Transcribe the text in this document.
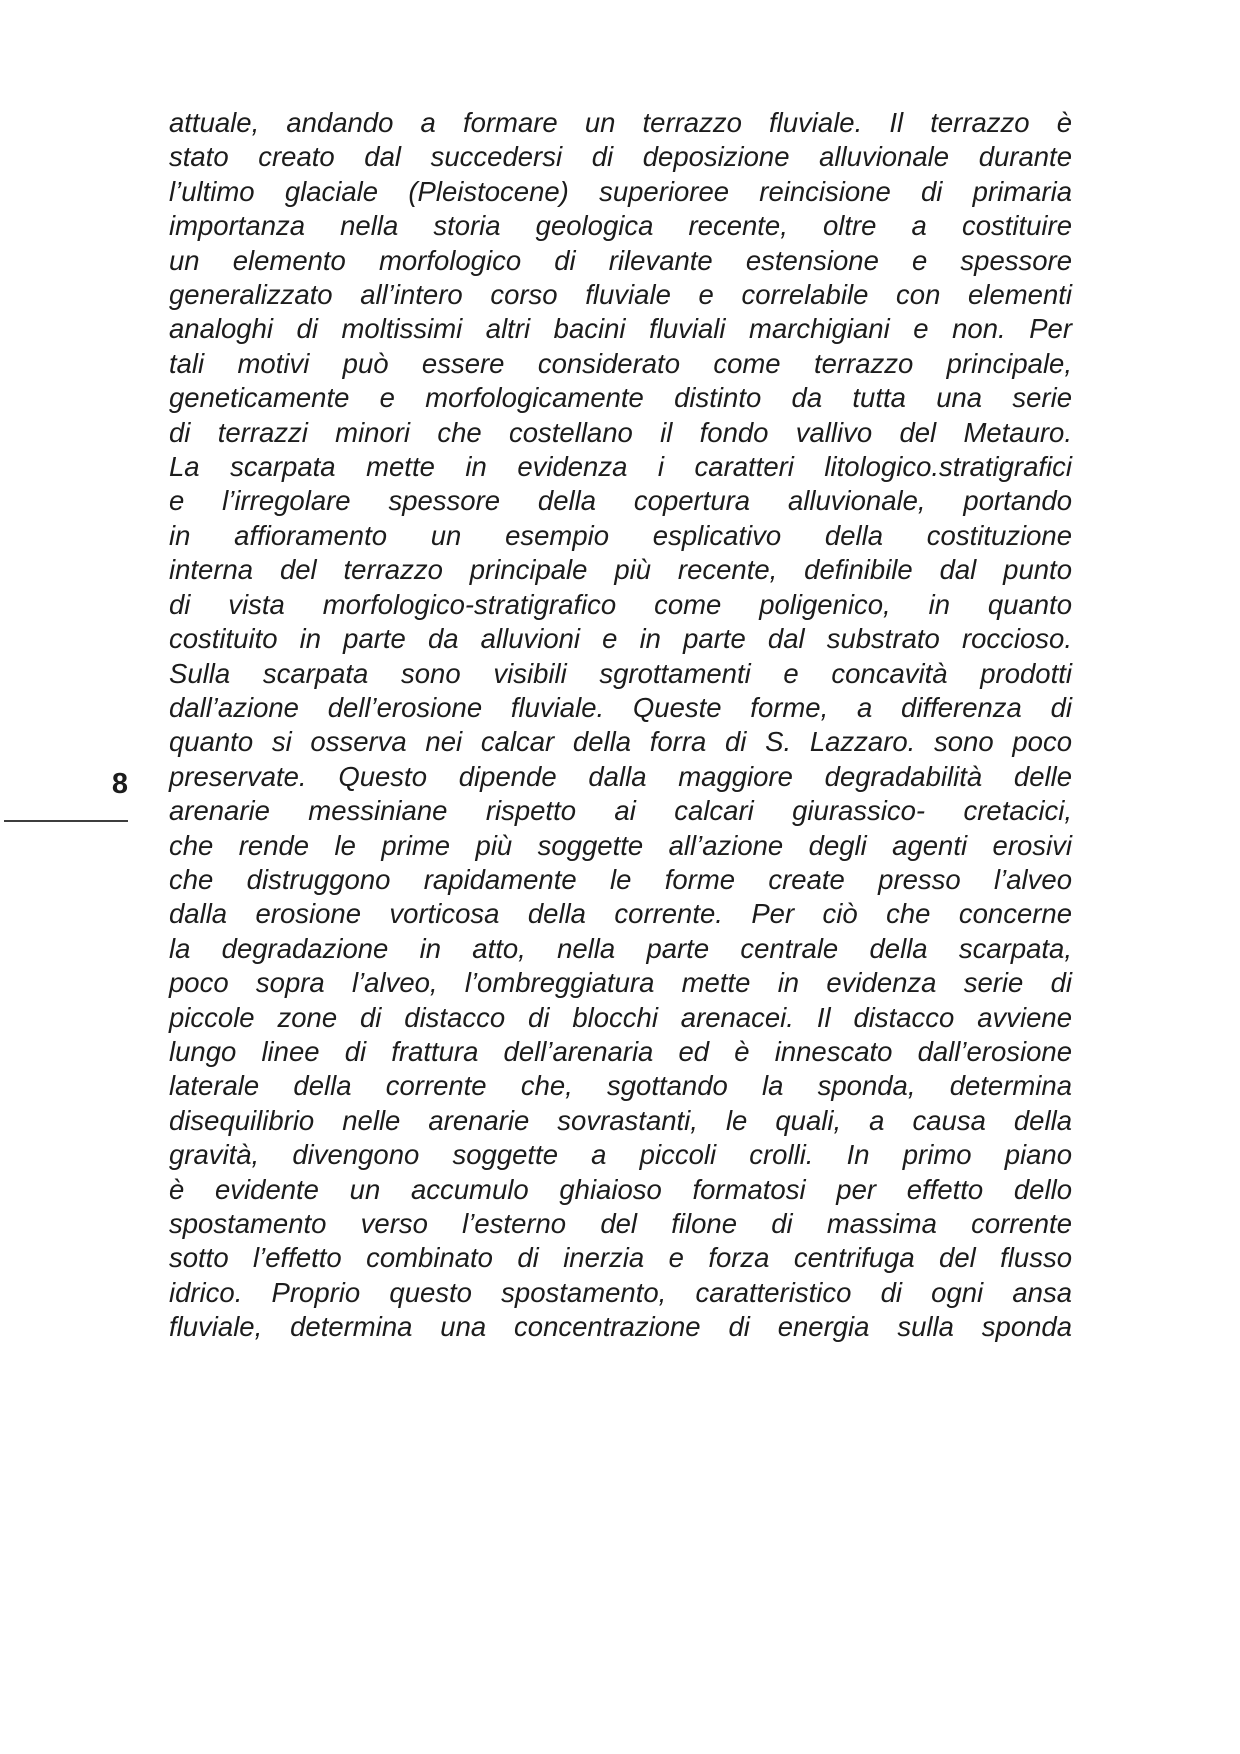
8
attuale, andando a formare un terrazzo fluviale. Il terrazzo è
stato creato dal succedersi di deposizione alluvionale durante
l’ultimo glaciale (Pleistocene) superioree reincisione di primaria
importanza nella storia geologica recente, oltre a costituire
un elemento morfologico di rilevante estensione e spessore
generalizzato all’intero corso fluviale e correlabile con elementi
analoghi di moltissimi altri bacini fluviali marchigiani e non. Per
tali motivi può essere considerato come terrazzo principale,
geneticamente e morfologicamente distinto da tutta una serie
di terrazzi minori che costellano il fondo vallivo del Metauro.
La scarpata mette in evidenza i caratteri litologico.stratigrafici
e l’irregolare spessore della copertura alluvionale, portando
in affioramento un esempio esplicativo della costituzione
interna del terrazzo principale più recente, definibile dal punto
di vista morfologico-stratigrafico come poligenico, in quanto
costituito in parte da alluvioni e in parte dal substrato roccioso.
Sulla scarpata sono visibili sgrottamenti e concavità prodotti
dall’azione dell’erosione fluviale. Queste forme, a differenza di
quanto si osserva nei calcar della forra di S. Lazzaro. sono poco
preservate. Questo dipende dalla maggiore degradabilità delle
arenarie messiniane rispetto ai calcari giurassico- cretacici,
che rende le prime più soggette all’azione degli agenti erosivi
che distruggono rapidamente le forme create presso l’alveo
dalla erosione vorticosa della corrente. Per ciò che concerne
la degradazione in atto, nella parte centrale della scarpata,
poco sopra l’alveo, l’ombreggiatura mette in evidenza serie di
piccole zone di distacco di blocchi arenacei. Il distacco avviene
lungo linee di frattura dell’arenaria ed è innescato dall’erosione
laterale della corrente che, sgottando la sponda, determina
disequilibrio nelle arenarie sovrastanti, le quali, a causa della
gravità, divengono soggette a piccoli crolli. In primo piano
è evidente un accumulo ghiaioso formatosi per effetto dello
spostamento verso l’esterno del filone di massima corrente
sotto l’effetto combinato di inerzia e forza centrifuga del flusso
idrico. Proprio questo spostamento, caratteristico di ogni ansa
fluviale, determina una concentrazione di energia sulla sponda
